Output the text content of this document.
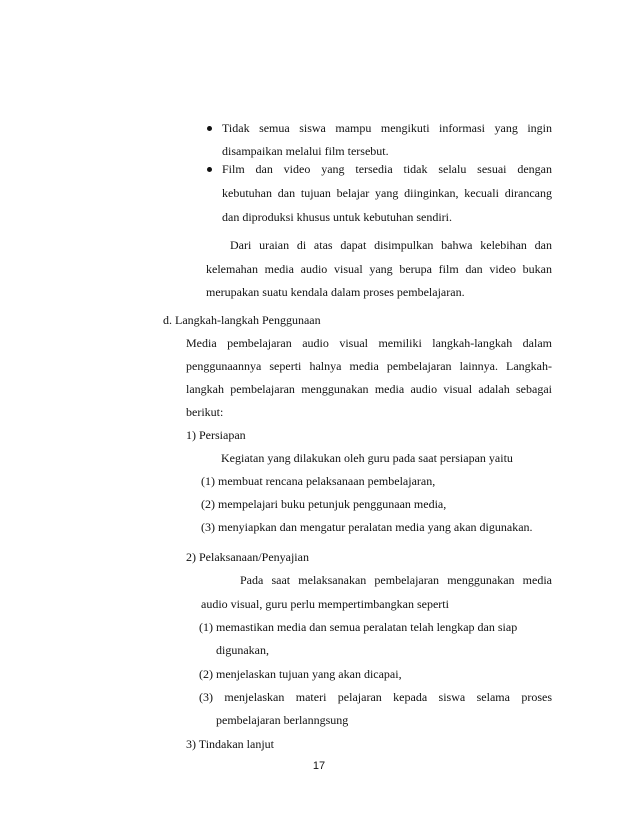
Tidak semua siswa mampu mengikuti informasi yang ingin
disampaikan melalui film tersebut.
Film dan video yang tersedia tidak selalu sesuai dengan
kebutuhan dan tujuan belajar yang diinginkan, kecuali dirancang
dan diproduksi khusus untuk kebutuhan sendiri.
Dari uraian di atas dapat disimpulkan bahwa kelebihan dan
kelemahan media audio visual yang berupa film dan video bukan
merupakan suatu kendala dalam proses pembelajaran.
d. Langkah-langkah Penggunaan
Media pembelajaran audio visual memiliki langkah-langkah dalam
penggunaannya seperti halnya media pembelajaran lainnya. Langkah-
langkah pembelajaran menggunakan media audio visual adalah sebagai
berikut:
1) Persiapan
Kegiatan yang dilakukan oleh guru pada saat persiapan yaitu
(1) membuat rencana pelaksanaan pembelajaran,
(2) mempelajari buku petunjuk penggunaan media,
(3) menyiapkan dan mengatur peralatan media yang akan digunakan.
2) Pelaksanaan/Penyajian
Pada saat melaksanakan pembelajaran menggunakan media
audio visual, guru perlu mempertimbangkan seperti
(1) memastikan media dan semua peralatan telah lengkap dan siap
digunakan,
(2) menjelaskan tujuan yang akan dicapai,
(3) menjelaskan materi pelajaran kepada siswa selama proses
pembelajaran berlanngsung
3) Tindakan lanjut
17
